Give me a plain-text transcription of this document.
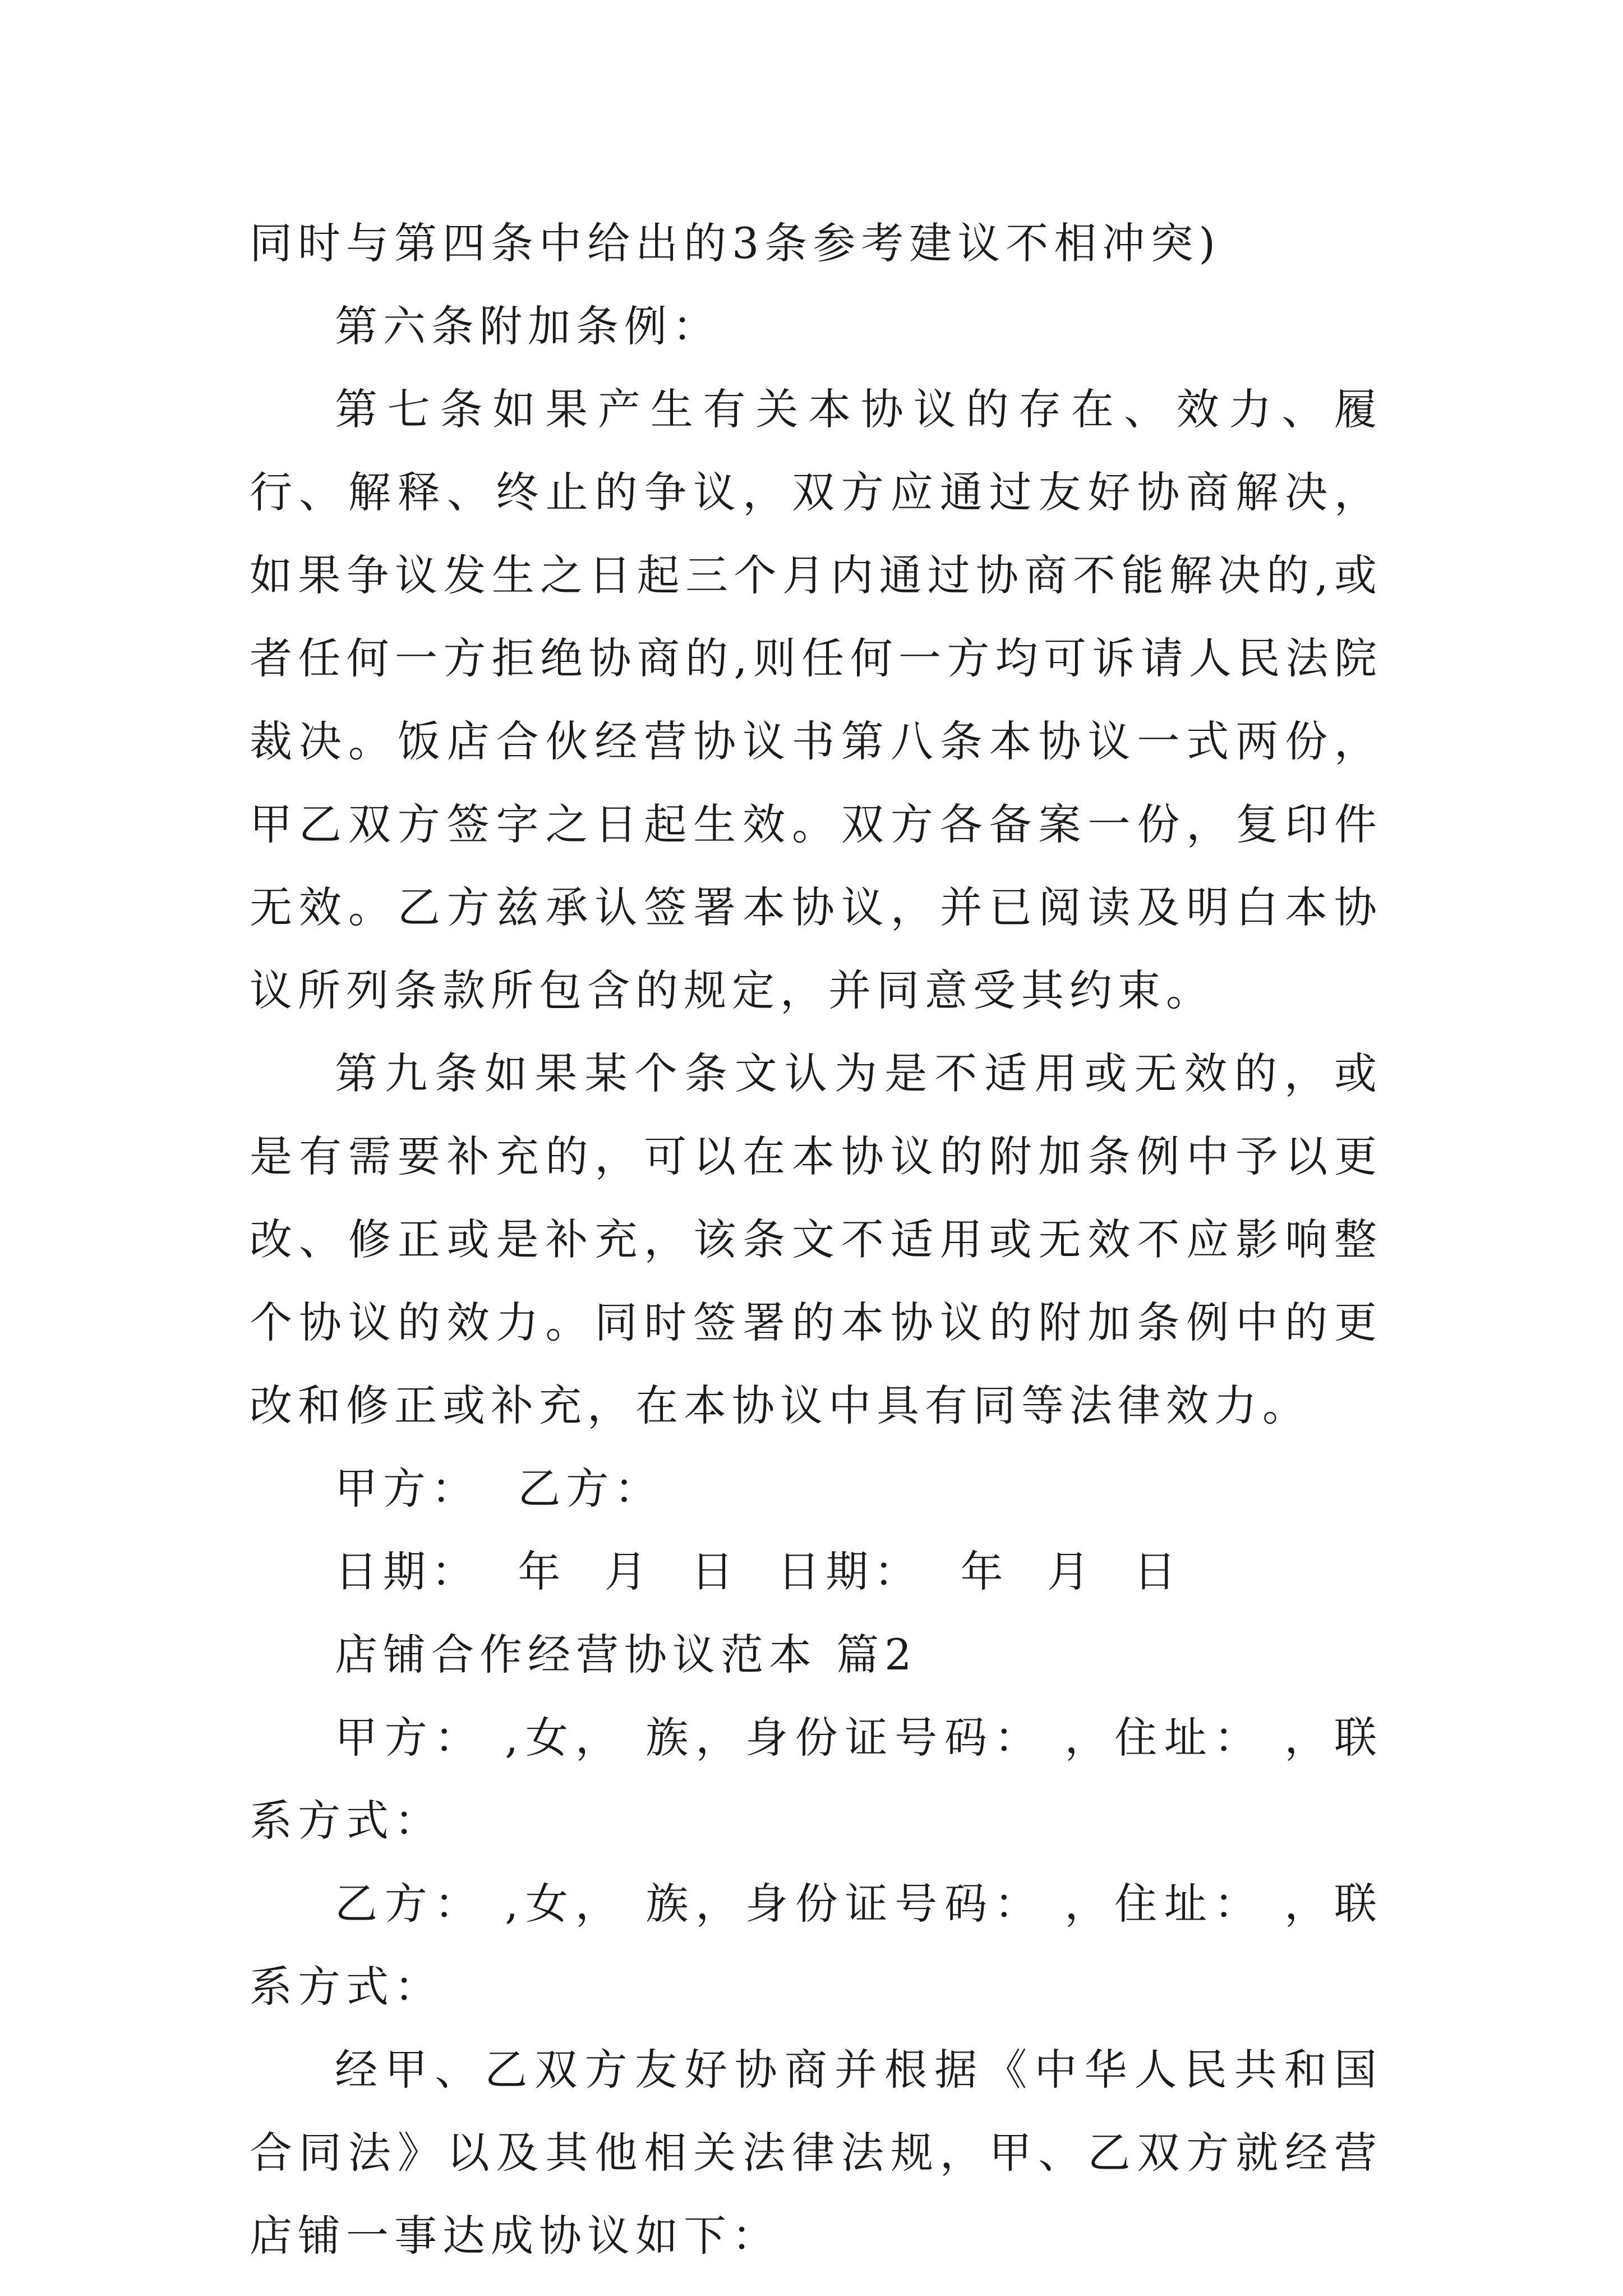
同时与第四条中给出的3条参考建议不相冲突)

第六条附加条例：

第七条如果产生有关本协议的存在、效力、履行、解释、终止的争议，双方应通过友好协商解决，如果争议发生之日起三个月内通过协商不能解决的,或者任何一方拒绝协商的,则任何一方均可诉请人民法院裁决。饭店合伙经营协议书第八条本协议一式两份，甲乙双方签字之日起生效。双方各备案一份，复印件无效。乙方兹承认签署本协议，并已阅读及明白本协议所列条款所包含的规定，并同意受其约束。

第九条如果某个条文认为是不适用或无效的，或是有需要补充的，可以在本协议的附加条例中予以更改、修正或是补充，该条文不适用或无效不应影响整个协议的效力。同时签署的本协议的附加条例中的更改和修正或补充，在本协议中具有同等法律效力。

甲方：  乙方：

日期：  年  月  日  日期：  年  月  日

店铺合作经营协议范本 篇2

甲方： ,女， 族，身份证号码： ，住址： ，联系方式：

乙方： ,女， 族，身份证号码： ，住址： ，联系方式：

经甲、乙双方友好协商并根据《中华人民共和国合同法》以及其他相关法律法规，甲、乙双方就经营 店铺一事达成协议如下：
